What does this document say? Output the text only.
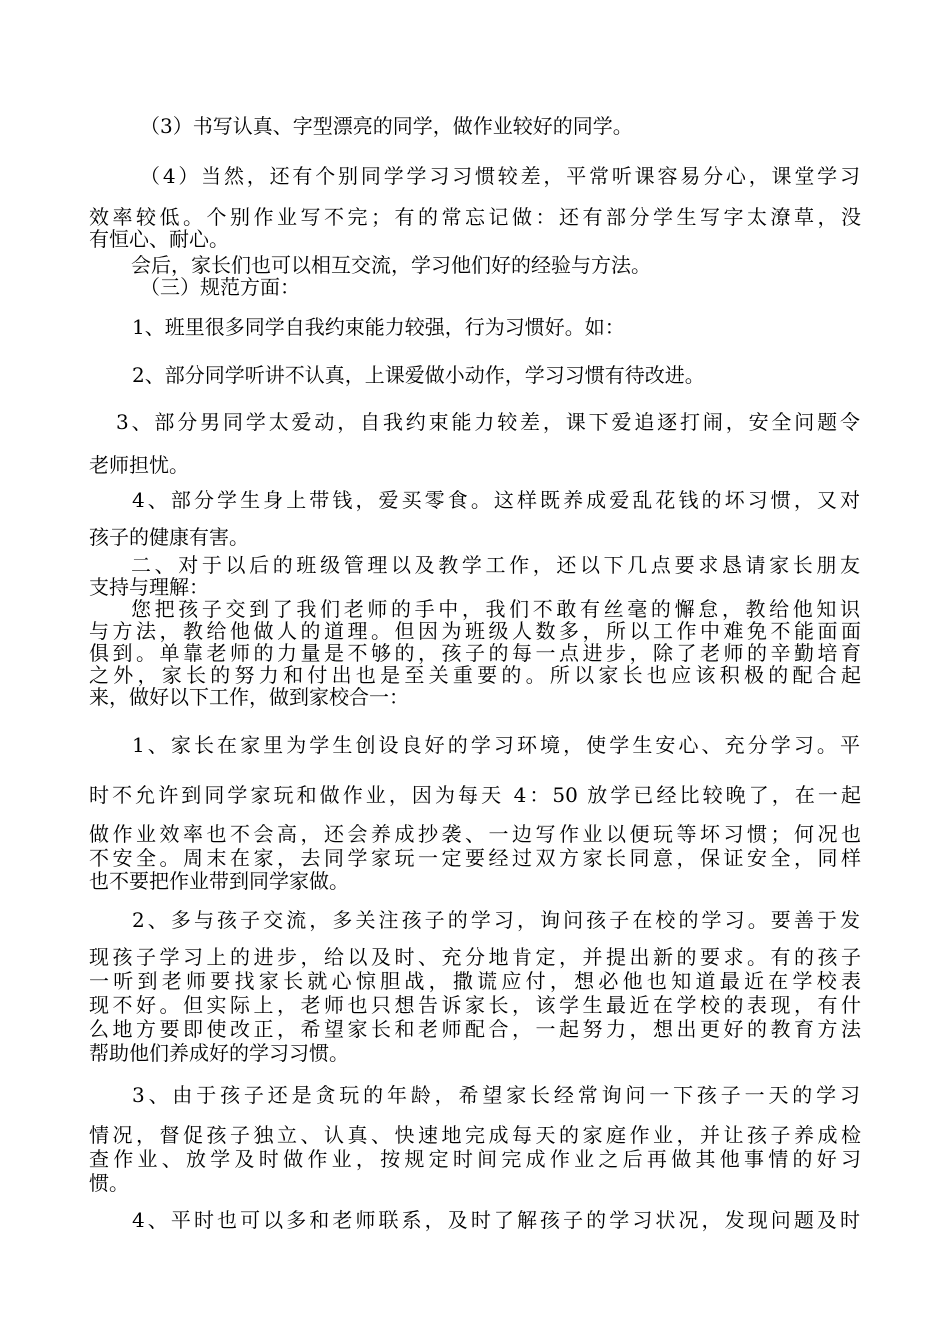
（3）书写认真、字型漂亮的同学，做作业较好的同学。
（4）当然，还有个别同学学习习惯较差，平常听课容易分心，课堂学习
效率较低。个别作业写不完；有的常忘记做：还有部分学生写字太潦草，没
有恒心、耐心。
会后，家长们也可以相互交流，学习他们好的经验与方法。
（三）规范方面：
1、班里很多同学自我约束能力较强，行为习惯好。如：
2、部分同学听讲不认真，上课爱做小动作，学习习惯有待改进。
3、部分男同学太爱动，自我约束能力较差，课下爱追逐打闹，安全问题令
老师担忧。
4、部分学生身上带钱，爱买零食。这样既养成爱乱花钱的坏习惯，又对
孩子的健康有害。
二、对于以后的班级管理以及教学工作，还以下几点要求恳请家长朋友
支持与理解：
您把孩子交到了我们老师的手中，我们不敢有丝毫的懈怠，教给他知识
与方法，教给他做人的道理。但因为班级人数多，所以工作中难免不能面面
俱到。单靠老师的力量是不够的，孩子的每一点进步，除了老师的辛勤培育
之外，家长的努力和付出也是至关重要的。所以家长也应该积极的配合起
来，做好以下工作，做到家校合一：
1、家长在家里为学生创设良好的学习环境，使学生安心、充分学习。平
时不允许到同学家玩和做作业，因为每天 4：50 放学已经比较晚了，在一起
做作业效率也不会高，还会养成抄袭、一边写作业以便玩等坏习惯；何况也
不安全。周末在家，去同学家玩一定要经过双方家长同意，保证安全，同样
也不要把作业带到同学家做。
2、多与孩子交流，多关注孩子的学习，询问孩子在校的学习。要善于发
现孩子学习上的进步，给以及时、充分地肯定，并提出新的要求。有的孩子
一听到老师要找家长就心惊胆战，撒谎应付，想必他也知道最近在学校表
现不好。但实际上，老师也只想告诉家长，该学生最近在学校的表现，有什
么地方要即使改正，希望家长和老师配合，一起努力，想出更好的教育方法
帮助他们养成好的学习习惯。
3、由于孩子还是贪玩的年龄，希望家长经常询问一下孩子一天的学习
情况，督促孩子独立、认真、快速地完成每天的家庭作业，并让孩子养成检
查作业、放学及时做作业，按规定时间完成作业之后再做其他事情的好习
惯。
4、平时也可以多和老师联系，及时了解孩子的学习状况，发现问题及时
